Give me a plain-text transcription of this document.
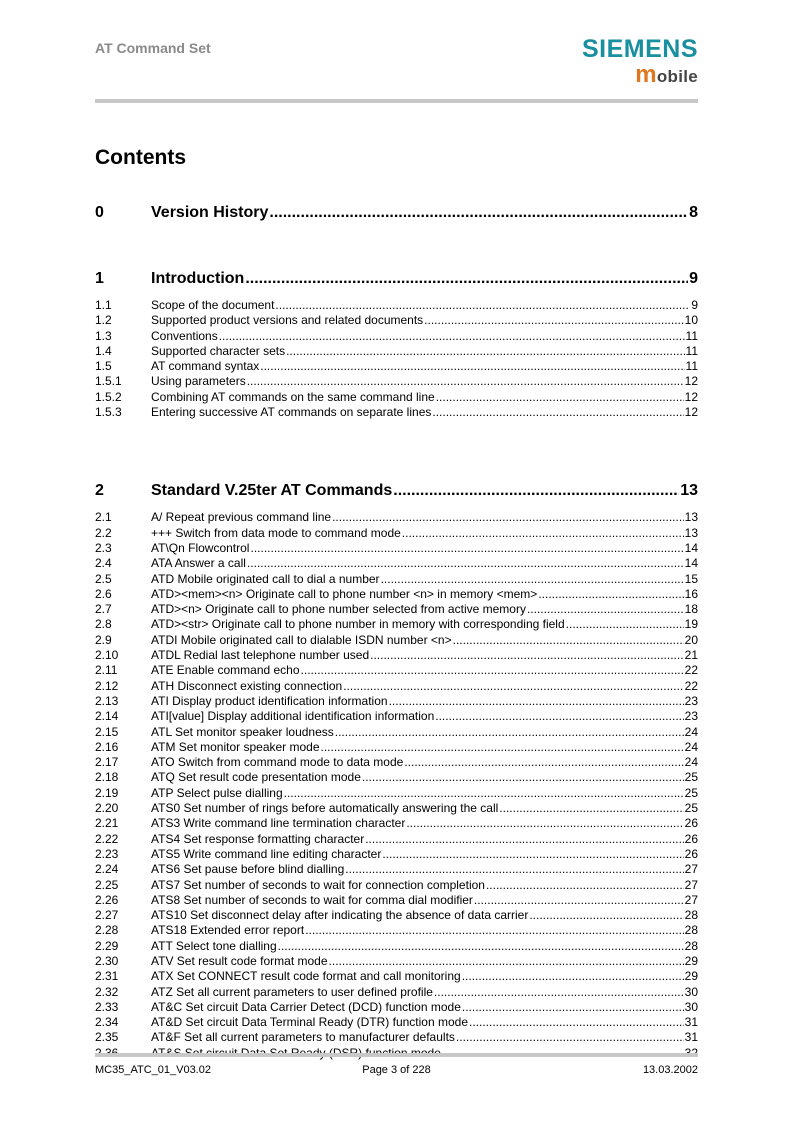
AT Command Set	SIEMENS
mobile
Contents
0	Version History .....	8
1	Introduction .....	9
1.1	Scope of the document .....	9
1.2	Supported product versions and related documents .....	10
1.3	Conventions .....	11
1.4	Supported character sets .....	11
1.5	AT command syntax .....	11
1.5.1	Using parameters .....	12
1.5.2	Combining AT commands on the same command line .....	12
1.5.3	Entering successive AT commands on separate lines .....	12
2	Standard V.25ter AT Commands .....	13
2.1	A/ Repeat previous command line .....	13
2.2	+++ Switch from data mode to command mode .....	13
2.3	AT\Qn Flowcontrol .....	14
2.4	ATA Answer a call .....	14
2.5	ATD Mobile originated call to dial a number .....	15
2.6	ATD><mem><n> Originate call to phone number <n> in memory <mem> .....	16
2.7	ATD><n> Originate call to phone number selected from active memory .....	18
2.8	ATD><str> Originate call to phone number in memory with corresponding field .....	19
2.9	ATDI Mobile originated call to dialable ISDN number <n> .....	20
2.10	ATDL Redial last telephone number used .....	21
2.11	ATE Enable command echo .....	22
2.12	ATH Disconnect existing connection .....	22
2.13	ATI Display product identification information .....	23
2.14	ATI[value] Display additional identification information .....	23
2.15	ATL Set monitor speaker loudness .....	24
2.16	ATM Set monitor speaker mode .....	24
2.17	ATO Switch from command mode to data mode .....	24
2.18	ATQ Set result code presentation mode .....	25
2.19	ATP Select pulse dialling .....	25
2.20	ATS0 Set number of rings before automatically answering the call .....	25
2.21	ATS3 Write command line termination character .....	26
2.22	ATS4 Set response formatting character .....	26
2.23	ATS5 Write command line editing character .....	26
2.24	ATS6 Set pause before blind dialling .....	27
2.25	ATS7 Set number of seconds to wait for connection completion .....	27
2.26	ATS8 Set number of seconds to wait for comma dial modifier .....	27
2.27	ATS10 Set disconnect delay after indicating the absence of data carrier .....	28
2.28	ATS18 Extended error report .....	28
2.29	ATT Select tone dialling .....	28
2.30	ATV Set result code format mode .....	29
2.31	ATX Set CONNECT result code format and call monitoring .....	29
2.32	ATZ Set all current parameters to user defined profile .....	30
2.33	AT&C Set circuit Data Carrier Detect (DCD) function mode .....	30
2.34	AT&D Set circuit Data Terminal Ready (DTR) function mode .....	31
2.35	AT&F Set all current parameters to manufacturer defaults .....	31
.....
MC35_ATC_01_V03.02	Page 3 of 228	13.03.2002
